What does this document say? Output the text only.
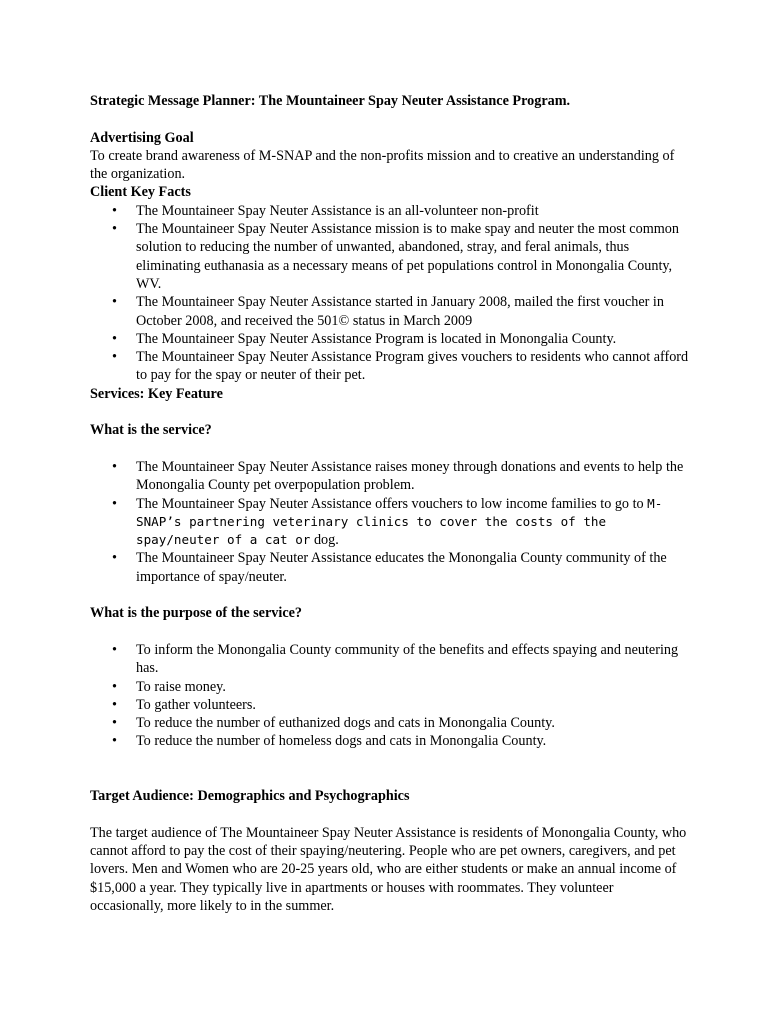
Strategic Message Planner: The Mountaineer Spay Neuter Assistance Program.

Advertising Goal

To create brand awareness of M-SNAP and the non-profits mission and to creative an understanding of the organization.

Client Key Facts

• The Mountaineer Spay Neuter Assistance is an all-volunteer non-profit
• The Mountaineer Spay Neuter Assistance mission is to make spay and neuter the most common solution to reducing the number of unwanted, abandoned, stray, and feral animals, thus eliminating euthanasia as a necessary means of pet populations control in Monongalia County, WV.
• The Mountaineer Spay Neuter Assistance started in January 2008, mailed the first voucher in October 2008, and received the 501© status in March 2009
• The Mountaineer Spay Neuter Assistance Program is located in Monongalia County.
• The Mountaineer Spay Neuter Assistance Program gives vouchers to residents who cannot afford to pay for the spay or neuter of their pet.

Services: Key Feature

What is the service?

• The Mountaineer Spay Neuter Assistance raises money through donations and events to help the Monongalia County pet overpopulation problem.
• The Mountaineer Spay Neuter Assistance offers vouchers to low income families to go to M-SNAP’s partnering veterinary clinics to cover the costs of the spay/neuter of a cat or dog.
• The Mountaineer Spay Neuter Assistance educates the Monongalia County community of the importance of spay/neuter.

What is the purpose of the service?

• To inform the Monongalia County community of the benefits and effects spaying and neutering has.
• To raise money.
• To gather volunteers.
• To reduce the number of euthanized dogs and cats in Monongalia County.
• To reduce the number of homeless dogs and cats in Monongalia County.

Target Audience: Demographics and Psychographics

The target audience of The Mountaineer Spay Neuter Assistance is residents of Monongalia County, who cannot afford to pay the cost of their spaying/neutering. People who are pet owners, caregivers, and pet lovers. Men and Women who are 20-25 years old, who are either students or make an annual income of $15,000 a year. They typically live in apartments or houses with roommates. They volunteer occasionally, more likely to in the summer.
